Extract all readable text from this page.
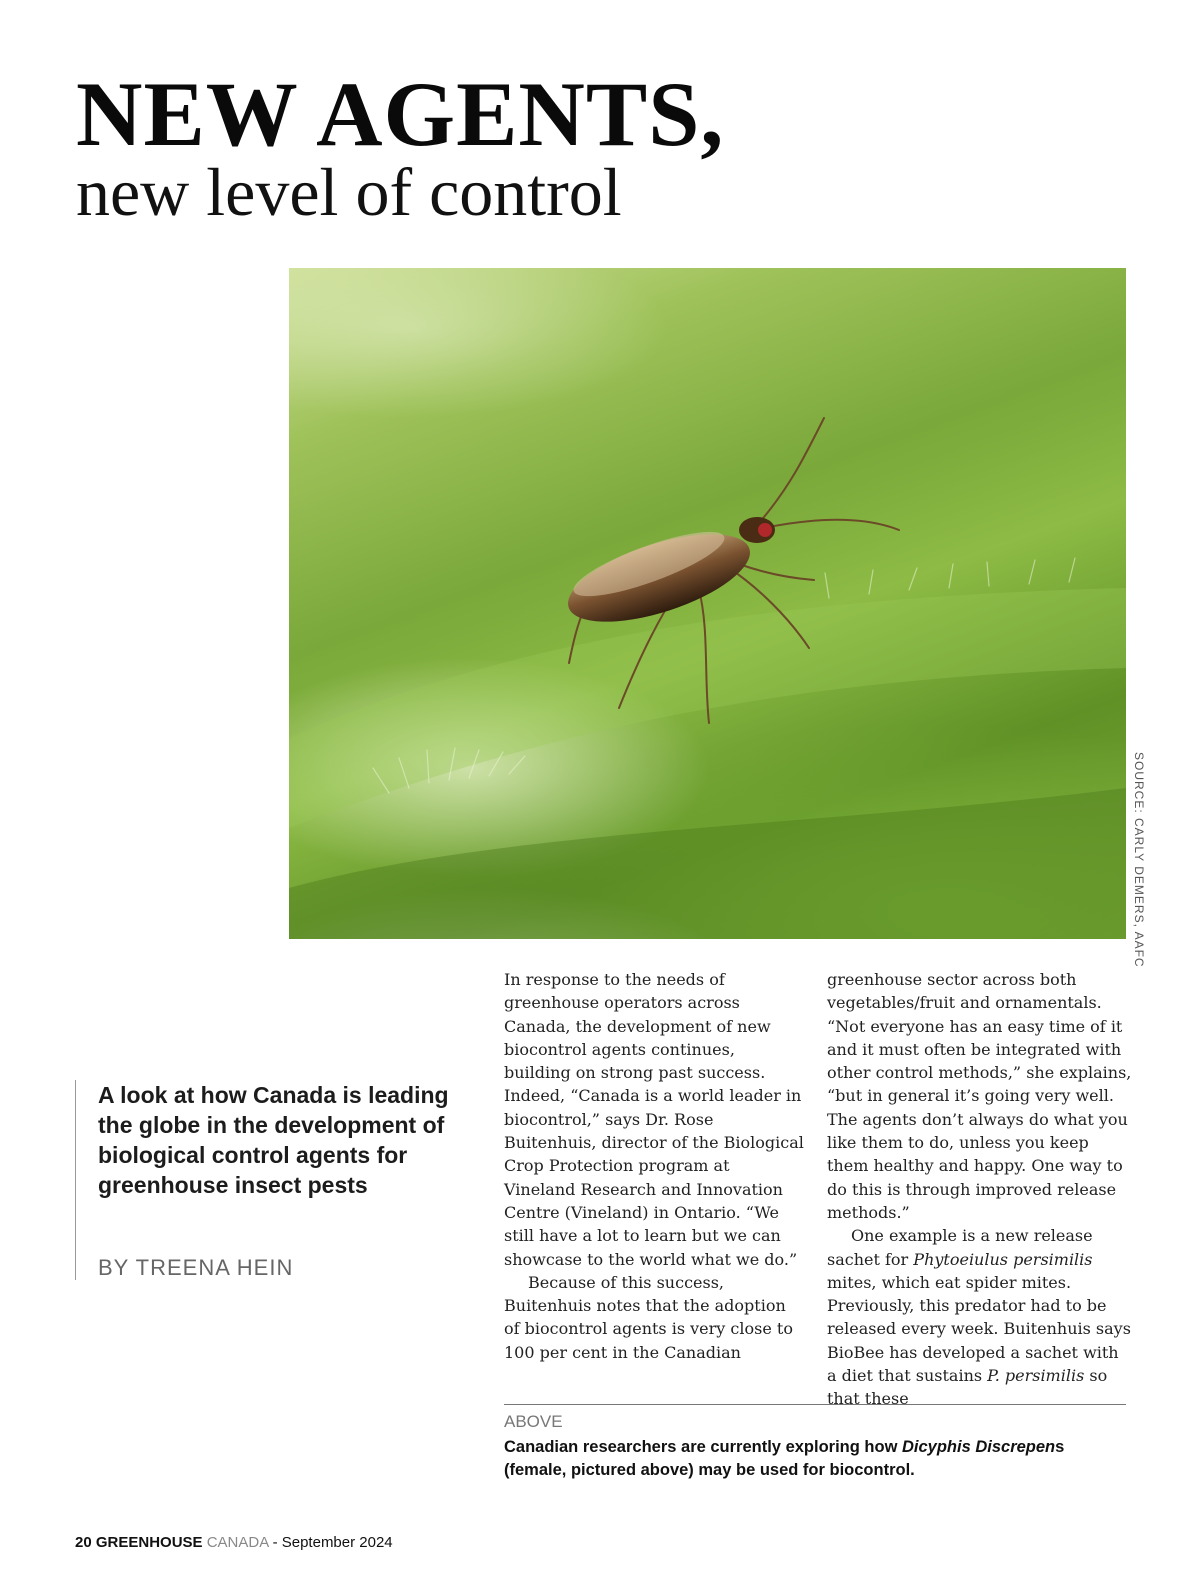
NEW AGENTS,
new level of control
SOURCE: CARLY DEMERS, AAFC

A look at how Canada is leading the globe in the development of biological control agents for greenhouse insect pests

BY TREENA HEIN

In response to the needs of greenhouse operators across Canada, the development of new biocontrol agents continues, building on strong past success. Indeed, “Canada is a world leader in biocontrol,” says Dr. Rose Buitenhuis, director of the Biological Crop Protection program at Vineland Research and Innovation Centre (Vineland) in Ontario. “We still have a lot to learn but we can showcase to the world what we do.”

Because of this success, Buitenhuis notes that the adoption of biocontrol agents is very close to 100 per cent in the Canadian

greenhouse sector across both vegetables/fruit and ornamentals. “Not everyone has an easy time of it and it must often be integrated with other control methods,” she explains, “but in general it’s going very well. The agents don’t always do what you like them to do, unless you keep them healthy and happy. One way to do this is through improved release methods.”

One example is a new release sachet for Phytoeiulus persimilis mites, which eat spider mites. Previously, this predator had to be released every week. Buitenhuis says BioBee has developed a sachet with a diet that sustains P. persimilis so that these

ABOVE

Canadian researchers are currently exploring how Dicyphis Discrepens (female, pictured above) may be used for biocontrol.

20 GREENHOUSE CANADA - September 2024
